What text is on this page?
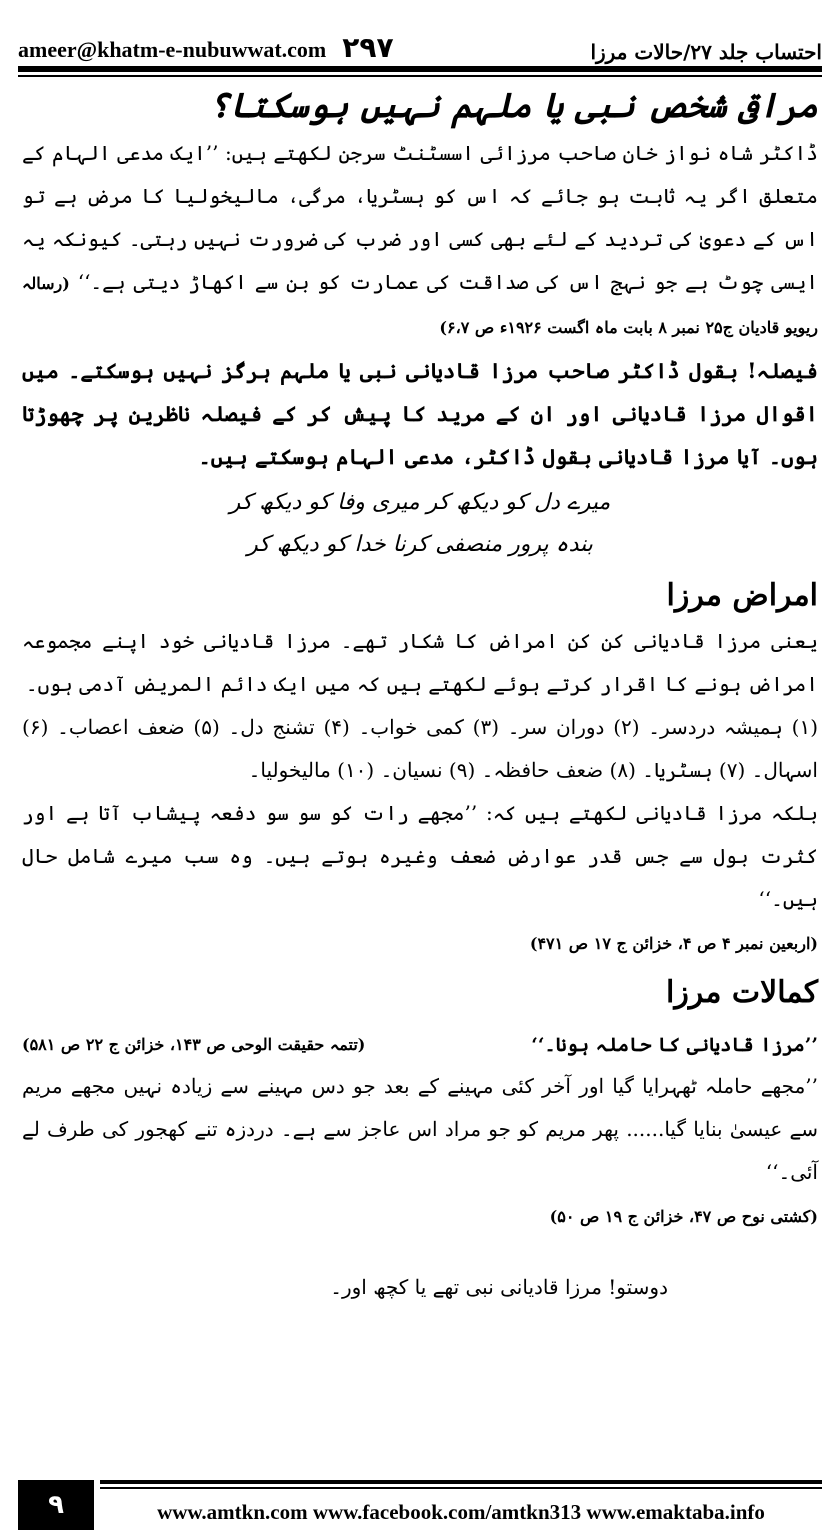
ameer@khatm-e-nubuwwat.com ۲۹۷	احتساب جلد ۲۷/حالات مرزا
مراقی شخص نبی یا ملہم نہیں ہوسکتا؟

ڈاکٹر شاہ نواز خان صاحب مرزائی اسسٹنٹ سرجن لکھتے ہیں: ’’ایک مدعی الہام کے متعلق اگر یہ ثابت ہو جائے کہ اس کو ہسٹریا، مرگی، مالیخولیا کا مرض ہے تو اس کے دعویٰ کی تردید کے لئے بھی کسی اور ضرب کی ضرورت نہیں رہتی۔ کیونکہ یہ ایسی چوٹ ہے جو نہج اس کی صداقت کی عمارت کو بن سے اکھاڑ دیتی ہے۔‘‘ (رسالہ ریویو قادیان ج۲۵ نمبر ۸ بابت ماہ اگست ۱۹۲۶ء ص ۶،۷)

فیصلہ! بقول ڈاکٹر صاحب مرزا قادیانی نبی یا ملہم ہرگز نہیں ہوسکتے۔ میں اقوال مرزا قادیانی اور ان کے مرید کا پیش کر کے فیصلہ ناظرین پر چھوڑتا ہوں۔ آیا مرزا قادیانی بقول ڈاکٹر، مدعی الہام ہوسکتے ہیں۔

میرے دل کو دیکھ کر میری وفا کو دیکھ کر
بندہ پرور منصفی کرنا خدا کو دیکھ کر
امراض مرزا

یعنی مرزا قادیانی کن کن امراض کا شکار تھے۔ مرزا قادیانی خود اپنے مجموعہ امراض ہونے کا اقرار کرتے ہوئے لکھتے ہیں کہ میں ایک دائم المریض آدمی ہوں۔

(۱) ہمیشہ دردسر۔ (۲) دوران سر۔ (۳) کمی خواب۔ (۴) تشنج دل۔ (۵) ضعف اعصاب۔ (۶) اسہال۔ (۷) ہسٹریا۔ (۸) ضعف حافظہ۔ (۹) نسیان۔ (۱۰) مالیخولیا۔

بلکہ مرزا قادیانی لکھتے ہیں کہ: ’’مجھے رات کو سو سو دفعہ پیشاب آتا ہے اور کثرت بول سے جس قدر عوارض ضعف وغیرہ ہوتے ہیں۔ وہ سب میرے شامل حال ہیں۔‘‘

(اربعین نمبر ۴ ص ۴، خزائن ج ۱۷ ص ۴۷۱)
کمالات مرزا
’’مرزا قادیانی کا حاملہ ہونا۔‘‘
(تتمہ حقیقت الوحی ص ۱۴۳، خزائن ج ۲۲ ص ۵۸۱)

’’مجھے حاملہ ٹھہرایا گیا اور آخر کئی مہینے کے بعد جو دس مہینے سے زیادہ نہیں مجھے مریم سے عیسیٰ بنایا گیا...... پھر مریم کو جو مراد اس عاجز سے ہے۔ دردزہ تنے کھجور کی طرف لے آئی۔‘‘

(کشتی نوح ص ۴۷، خزائن ج ۱۹ ص ۵۰)
دوستو! مرزا قادیانی نبی تھے یا کچھ اور۔
۹	www.amtkn.com www.facebook.com/amtkn313 www.emaktaba.info
